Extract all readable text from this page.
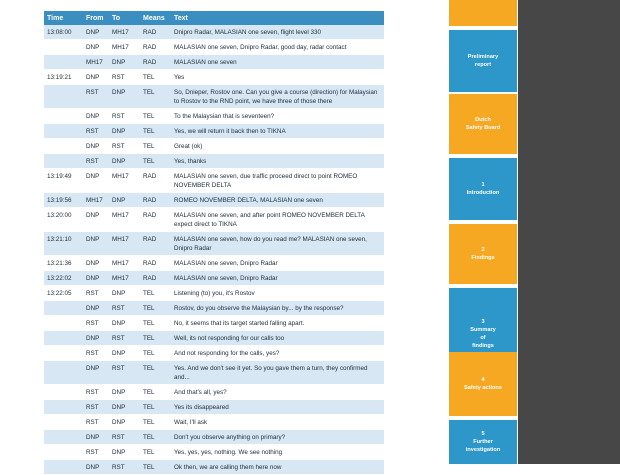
Time	From	To	Means	Text
13:08:00	DNP	MH17	RAD	Dnipro Radar, MALASIAN one seven, flight level 330
	DNP	MH17	RAD	MALASIAN one seven, Dnipro Radar, good day, radar contact
	MH17	DNP	RAD	MALASIAN one seven
13:19:21	DNP	RST	TEL	Yes
	RST	DNP	TEL	So, Dnieper, Rostov one. Can you give a course (direction) for Malaysian to Rostov to the RND point, we have three of those there
	DNP	RST	TEL	To the Malaysian that is seventeen?
	RST	DNP	TEL	Yes, we will return it back then to TIKNA
	DNP	RST	TEL	Great (ok)
	RST	DNP	TEL	Yes, thanks
13:19:49	DNP	MH17	RAD	MALASIAN one seven, due traffic proceed direct to point ROMEO NOVEMBER DELTA
13:19:56	MH17	DNP	RAD	ROMEO NOVEMBER DELTA, MALASIAN one seven
13:20:00	DNP	MH17	RAD	MALASIAN one seven, and after point ROMEO NOVEMBER DELTA expect direct to TIKNA
13:21:10	DNP	MH17	RAD	MALASIAN one seven, how do you read me? MALASIAN one seven, Dnipro Radar
13:21:36	DNP	MH17	RAD	MALASIAN one seven, Dnipro Radar
13:22:02	DNP	MH17	RAD	MALASIAN one seven, Dnipro Radar
13:22:05	RST	DNP	TEL	Listening (to) you, it's Rostov
	DNP	RST	TEL	Rostov, do you observe the Malaysian by... by the response?
	RST	DNP	TEL	No, it seems that its target started falling apart.
	DNP	RST	TEL	Well, its not responding for our calls too
	RST	DNP	TEL	And not responding for the calls, yes?
	DNP	RST	TEL	Yes. And we don't see it yet. So you gave them a turn, they confirmed and...
	RST	DNP	TEL	And that's all, yes?
	RST	DNP	TEL	Yes its disappeared
	RST	DNP	TEL	Wait, I'll ask
	DNP	RST	TEL	Don't you observe anything on primary?
	RST	DNP	TEL	Yes, yes, yes, nothing. We see nothing
	DNP	RST	TEL	Ok then, we are calling them here now
Preliminary
report
Dutch
Safety Board
1
Introduction
2
Findings
3
Summary
of
findings
4
Safety actions
5
Further
investigation
